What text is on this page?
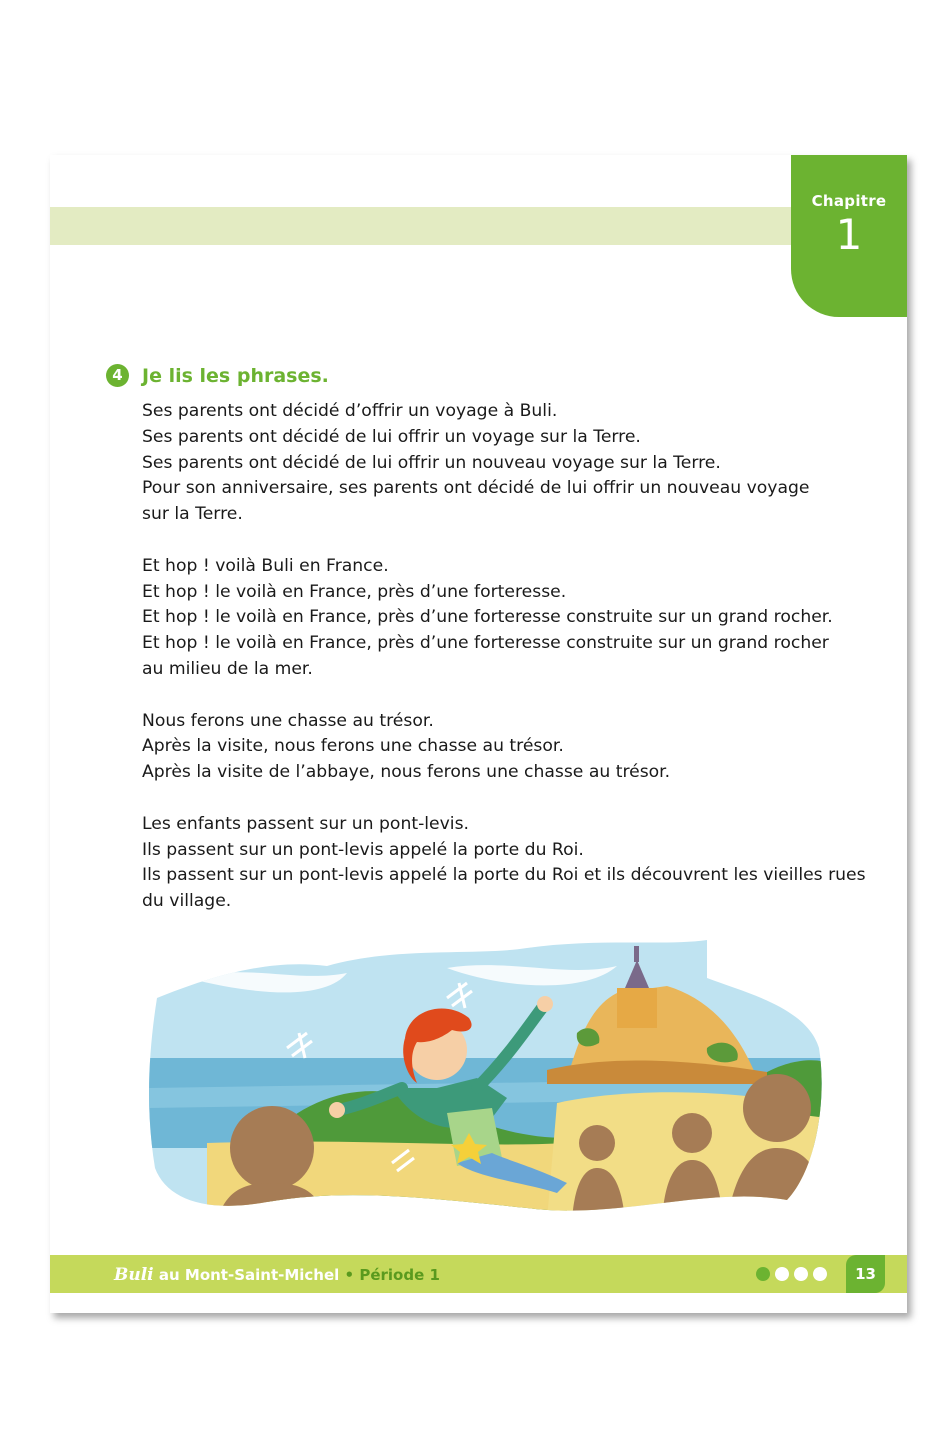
Chapitre
1
4	Je lis les phrases.
Ses parents ont décidé d’offrir un voyage à Buli.
Ses parents ont décidé de lui offrir un voyage sur la Terre.
Ses parents ont décidé de lui offrir un nouveau voyage sur la Terre.
Pour son anniversaire, ses parents ont décidé de lui offrir un nouveau voyage
sur la Terre.
Et hop ! voilà Buli en France.
Et hop ! le voilà en France, près d’une forteresse.
Et hop ! le voilà en France, près d’une forteresse construite sur un grand rocher.
Et hop ! le voilà en France, près d’une forteresse construite sur un grand rocher
au milieu de la mer.
Nous ferons une chasse au trésor.
Après la visite, nous ferons une chasse au trésor.
Après la visite de l’abbaye, nous ferons une chasse au trésor.
Les enfants passent sur un pont-levis.
Ils passent sur un pont-levis appelé la porte du Roi.
Ils passent sur un pont-levis appelé la porte du Roi et ils découvrent les vieilles rues
du village.
Buli au Mont-Saint-Michel • Période 1	13
